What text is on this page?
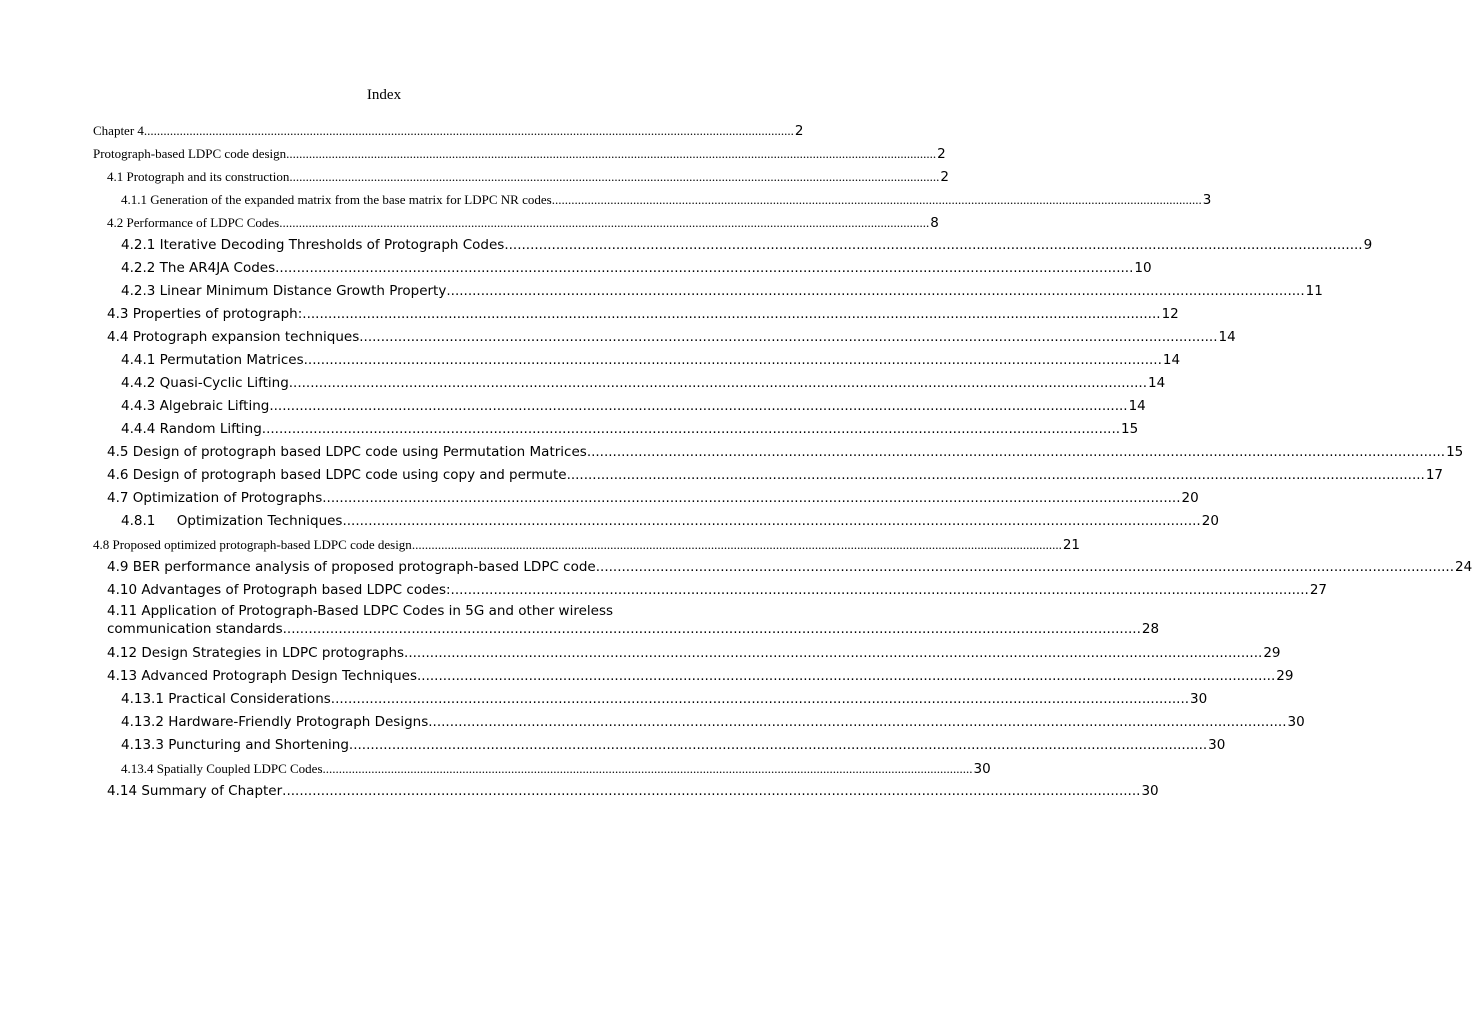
Index
Chapter 4 .....	2
Protograph-based LDPC code design .....	2
4.1 Protograph and its construction .....	2
4.1.1 Generation of the expanded matrix from the base matrix for LDPC NR codes .....	3
4.2 Performance of LDPC Codes .....	8
4.2.1 Iterative Decoding Thresholds of Protograph Codes .....	9
4.2.2 The AR4JA Codes .....	10
4.2.3 Linear Minimum Distance Growth Property .....	11
4.3 Properties of protograph: .....	12
4.4 Protograph expansion techniques .....	14
4.4.1 Permutation Matrices .....	14
4.4.2 Quasi-Cyclic Lifting .....	14
4.4.3 Algebraic Lifting .....	14
4.4.4 Random Lifting .....	15
4.5 Design of protograph based LDPC code using Permutation Matrices .....	15
4.6 Design of protograph based LDPC code using copy and permute .....	17
4.7 Optimization of Protographs .....	20
4.8.1     Optimization Techniques .....	20
4.8 Proposed optimized protograph-based LDPC code design .....	21
4.9 BER performance analysis of proposed protograph-based LDPC code .....	24
4.10 Advantages of Protograph based LDPC codes: .....	27
4.11 Application of Protograph-Based LDPC Codes in 5G and other wireless
communication standards .....	28
4.12 Design Strategies in LDPC protographs .....	29
4.13 Advanced Protograph Design Techniques .....	29
4.13.1 Practical Considerations .....	30
4.13.2 Hardware-Friendly Protograph Designs .....	30
4.13.3 Puncturing and Shortening .....	30
4.13.4 Spatially Coupled LDPC Codes .....	30
4.14 Summary of Chapter .....	30
